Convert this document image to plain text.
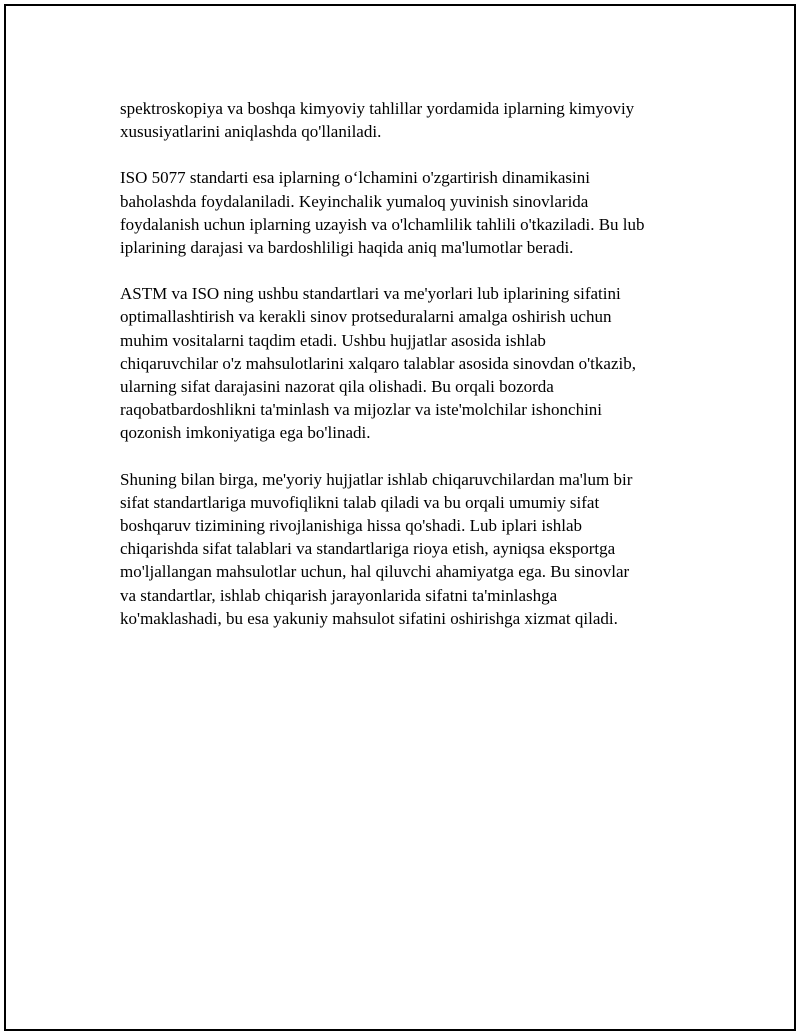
spektroskopiya va boshqa kimyoviy tahlillar yordamida iplarning kimyoviy
xususiyatlarini aniqlashda qo'llaniladi.

ISO 5077 standarti esa iplarning o‘lchamini o'zgartirish dinamikasini
baholashda foydalaniladi. Keyinchalik yumaloq yuvinish sinovlarida
foydalanish uchun iplarning uzayish va o'lchamlilik tahlili o'tkaziladi. Bu lub
iplarining darajasi va bardoshliligi haqida aniq ma'lumotlar beradi.

ASTM va ISO ning ushbu standartlari va me'yorlari lub iplarining sifatini
optimallashtirish va kerakli sinov protseduralarni amalga oshirish uchun
muhim vositalarni taqdim etadi. Ushbu hujjatlar asosida ishlab
chiqaruvchilar o'z mahsulotlarini xalqaro talablar asosida sinovdan o'tkazib,
ularning sifat darajasini nazorat qila olishadi. Bu orqali bozorda
raqobatbardoshlikni ta'minlash va mijozlar va iste'molchilar ishonchini
qozonish imkoniyatiga ega bo'linadi.

Shuning bilan birga, me'yoriy hujjatlar ishlab chiqaruvchilardan ma'lum bir
sifat standartlariga muvofiqlikni talab qiladi va bu orqali umumiy sifat
boshqaruv tizimining rivojlanishiga hissa qo'shadi. Lub iplari ishlab
chiqarishda sifat talablari va standartlariga rioya etish, ayniqsa eksportga
mo'ljallangan mahsulotlar uchun, hal qiluvchi ahamiyatga ega. Bu sinovlar
va standartlar, ishlab chiqarish jarayonlarida sifatni ta'minlashga
ko'maklashadi, bu esa yakuniy mahsulot sifatini oshirishga xizmat qiladi.
